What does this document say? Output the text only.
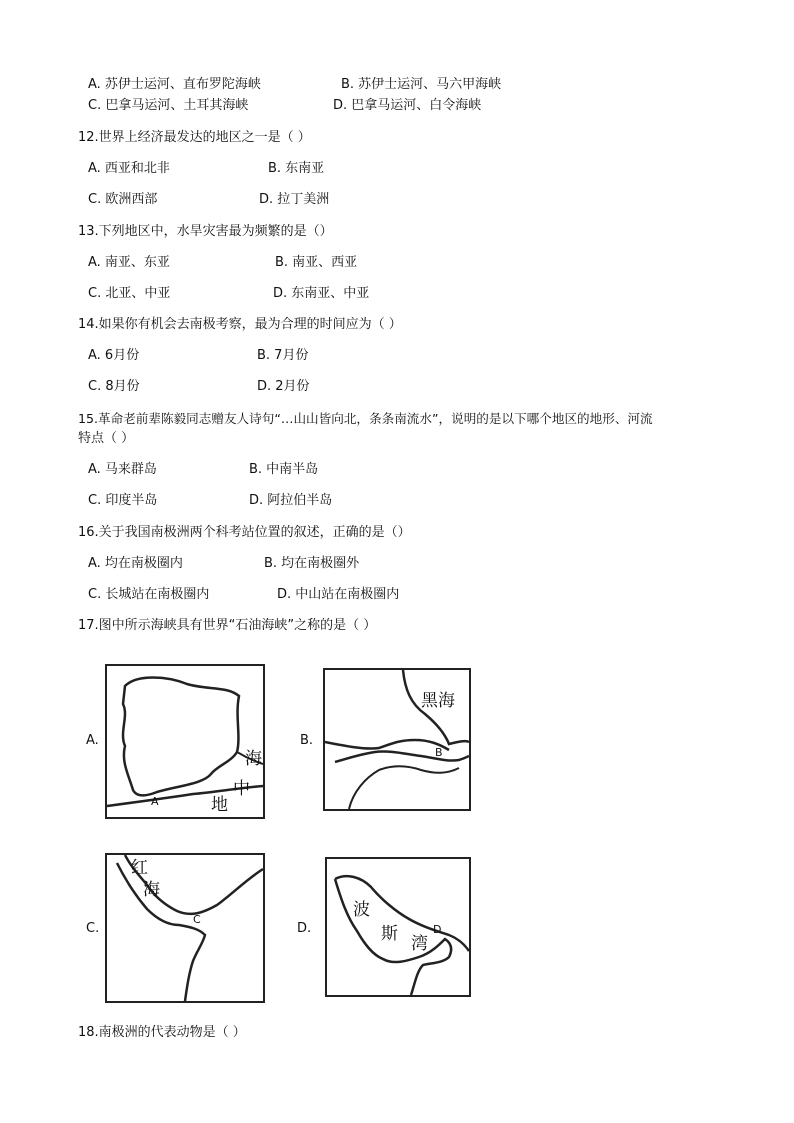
A. 苏伊士运河、直布罗陀海峡	B. 苏伊士运河、马六甲海峡
C. 巴拿马运河、土耳其海峡	D. 巴拿马运河、白令海峡
12.世界上经济最发达的地区之一是（ ）
A. 西亚和北非	B. 东南亚
C. 欧洲西部	D. 拉丁美洲
13.下列地区中，水旱灾害最为频繁的是（）
A. 南亚、东亚	B. 南亚、西亚
C. 北亚、中亚	D. 东南亚、中亚
14.如果你有机会去南极考察，最为合理的时间应为（ ）
A. 6月份	B. 7月份
C. 8月份	D. 2月份
15.革命老前辈陈毅同志赠友人诗句“…山山皆向北，条条南流水”，说明的是以下哪个地区的地形、河流
特点（ ）
A. 马来群岛	B. 中南半岛
C. 印度半岛	D. 阿拉伯半岛
16.关于我国南极洲两个科考站位置的叙述，正确的是（）
A. 均在南极圈内	B. 均在南极圈外
C. 长城站在南极圈内	D. 中山站在南极圈内
17.图中所示海峡具有世界“石油海峡”之称的是（ ）
A.
海
中
地
A
B.
黑海
B
C.
红
海
C
D.
波
斯 湾
D
18.南极洲的代表动物是（ ）
